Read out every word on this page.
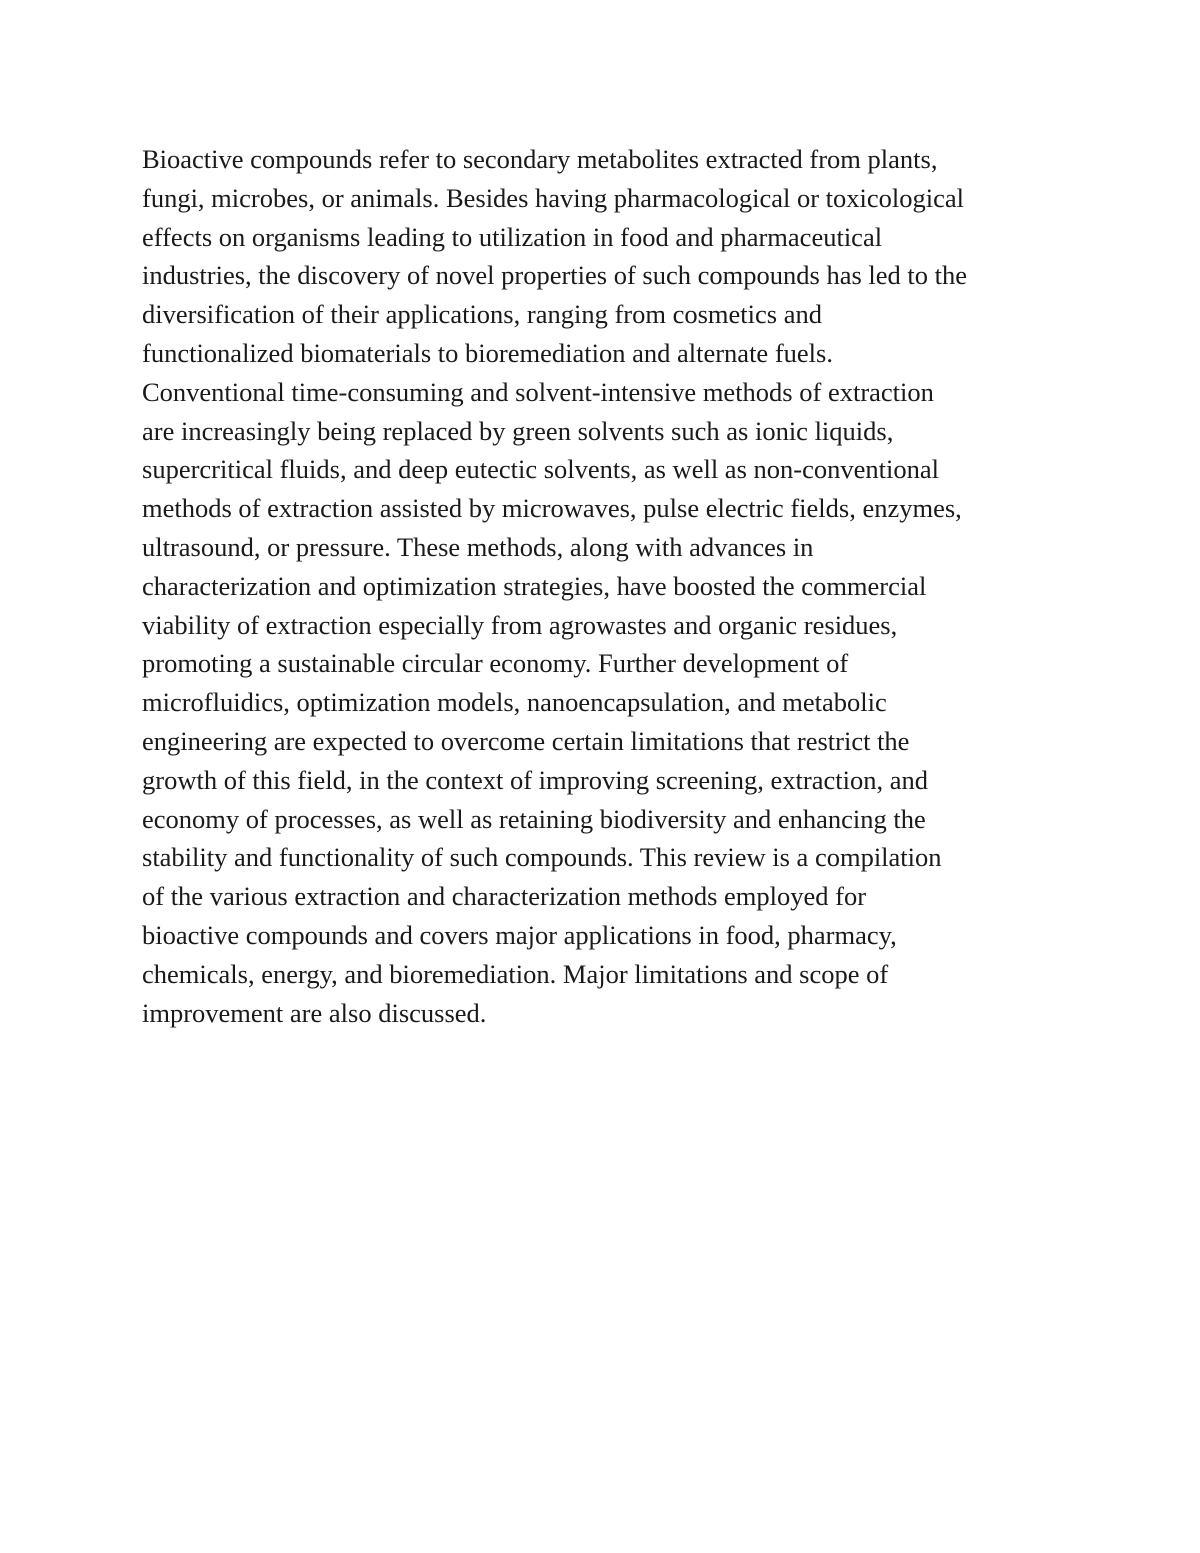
Bioactive compounds refer to secondary metabolites extracted from plants,
fungi, microbes, or animals. Besides having pharmacological or toxicological
effects on organisms leading to utilization in food and pharmaceutical
industries, the discovery of novel properties of such compounds has led to the
diversification of their applications, ranging from cosmetics and
functionalized biomaterials to bioremediation and alternate fuels.
Conventional time-consuming and solvent-intensive methods of extraction
are increasingly being replaced by green solvents such as ionic liquids,
supercritical fluids, and deep eutectic solvents, as well as non-conventional
methods of extraction assisted by microwaves, pulse electric fields, enzymes,
ultrasound, or pressure. These methods, along with advances in
characterization and optimization strategies, have boosted the commercial
viability of extraction especially from agrowastes and organic residues,
promoting a sustainable circular economy. Further development of
microfluidics, optimization models, nanoencapsulation, and metabolic
engineering are expected to overcome certain limitations that restrict the
growth of this field, in the context of improving screening, extraction, and
economy of processes, as well as retaining biodiversity and enhancing the
stability and functionality of such compounds. This review is a compilation
of the various extraction and characterization methods employed for
bioactive compounds and covers major applications in food, pharmacy,
chemicals, energy, and bioremediation. Major limitations and scope of
improvement are also discussed.
